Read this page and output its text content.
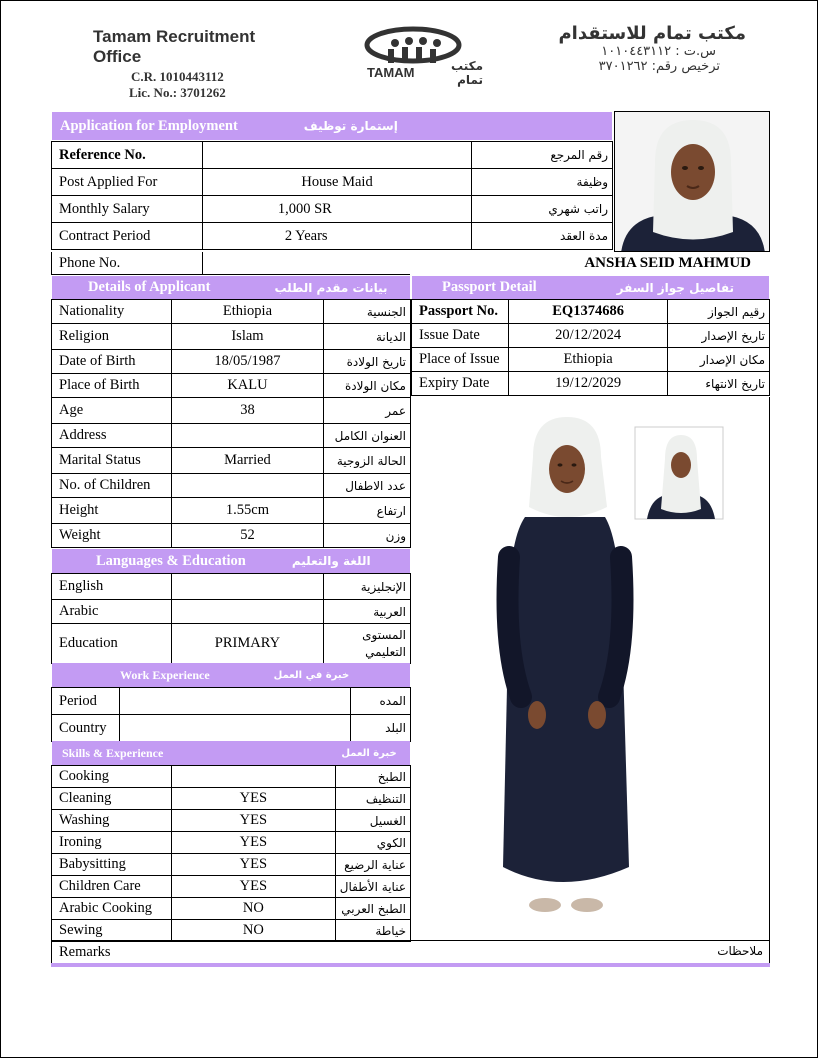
Tamam Recruitment Office
C.R. 1010443112
Lic. No.: 3701262
TAMAM	مكتب تمام
مكتب تمام للاستقدام
س.ت : ١٠١٠٤٤٣١١٢
ترخيص رقم: ٣٧٠١٢٦٢
Application for Employment	إستمارة توظيف
Reference No.		رقم المرجع
Post Applied For	House Maid	وظيفة
Monthly Salary	1,000 SR	راتب شهري
Contract Period	2 Years	مدة العقد
Phone No.	ANSHA SEID MAHMUD
Details of Applicant	بيانات مقدم الطلب
Nationality	Ethiopia	الجنسية
Religion	Islam	الديانة
Date of Birth	18/05/1987	تاريخ الولادة
Place of Birth	KALU	مكان الولادة
Age	38	عمر
Address		العنوان الكامل
Marital Status	Married	الحالة الزوجية
No. of Children		عدد الاطفال
Height	1.55cm	ارتفاع
Weight	52	وزن
Passport Detail	تفاصيل جواز السفر
Passport No.	EQ1374686	رقيم الجواز
Issue Date	20/12/2024	تاريخ الإصدار
Place of Issue	Ethiopia	مكان الإصدار
Expiry Date	19/12/2029	تاريخ الانتهاء
Languages & Education	اللغة والتعليم
English		الإنجليزية
Arabic		العربية
Education	PRIMARY	المستوى التعليمي
Work Experience	خبرة في العمل
Period		المده
Country		البلد
Skills & Experience	خبرة العمل
Cooking		الطبخ
Cleaning	YES	التنظيف
Washing	YES	الغسيل
Ironing	YES	الكوي
Babysitting	YES	عناية الرضيع
Children Care	YES	عناية الأطفال
Arabic Cooking	NO	الطبخ العربي
Sewing	NO	خياطة
Remarks	ملاحظات
